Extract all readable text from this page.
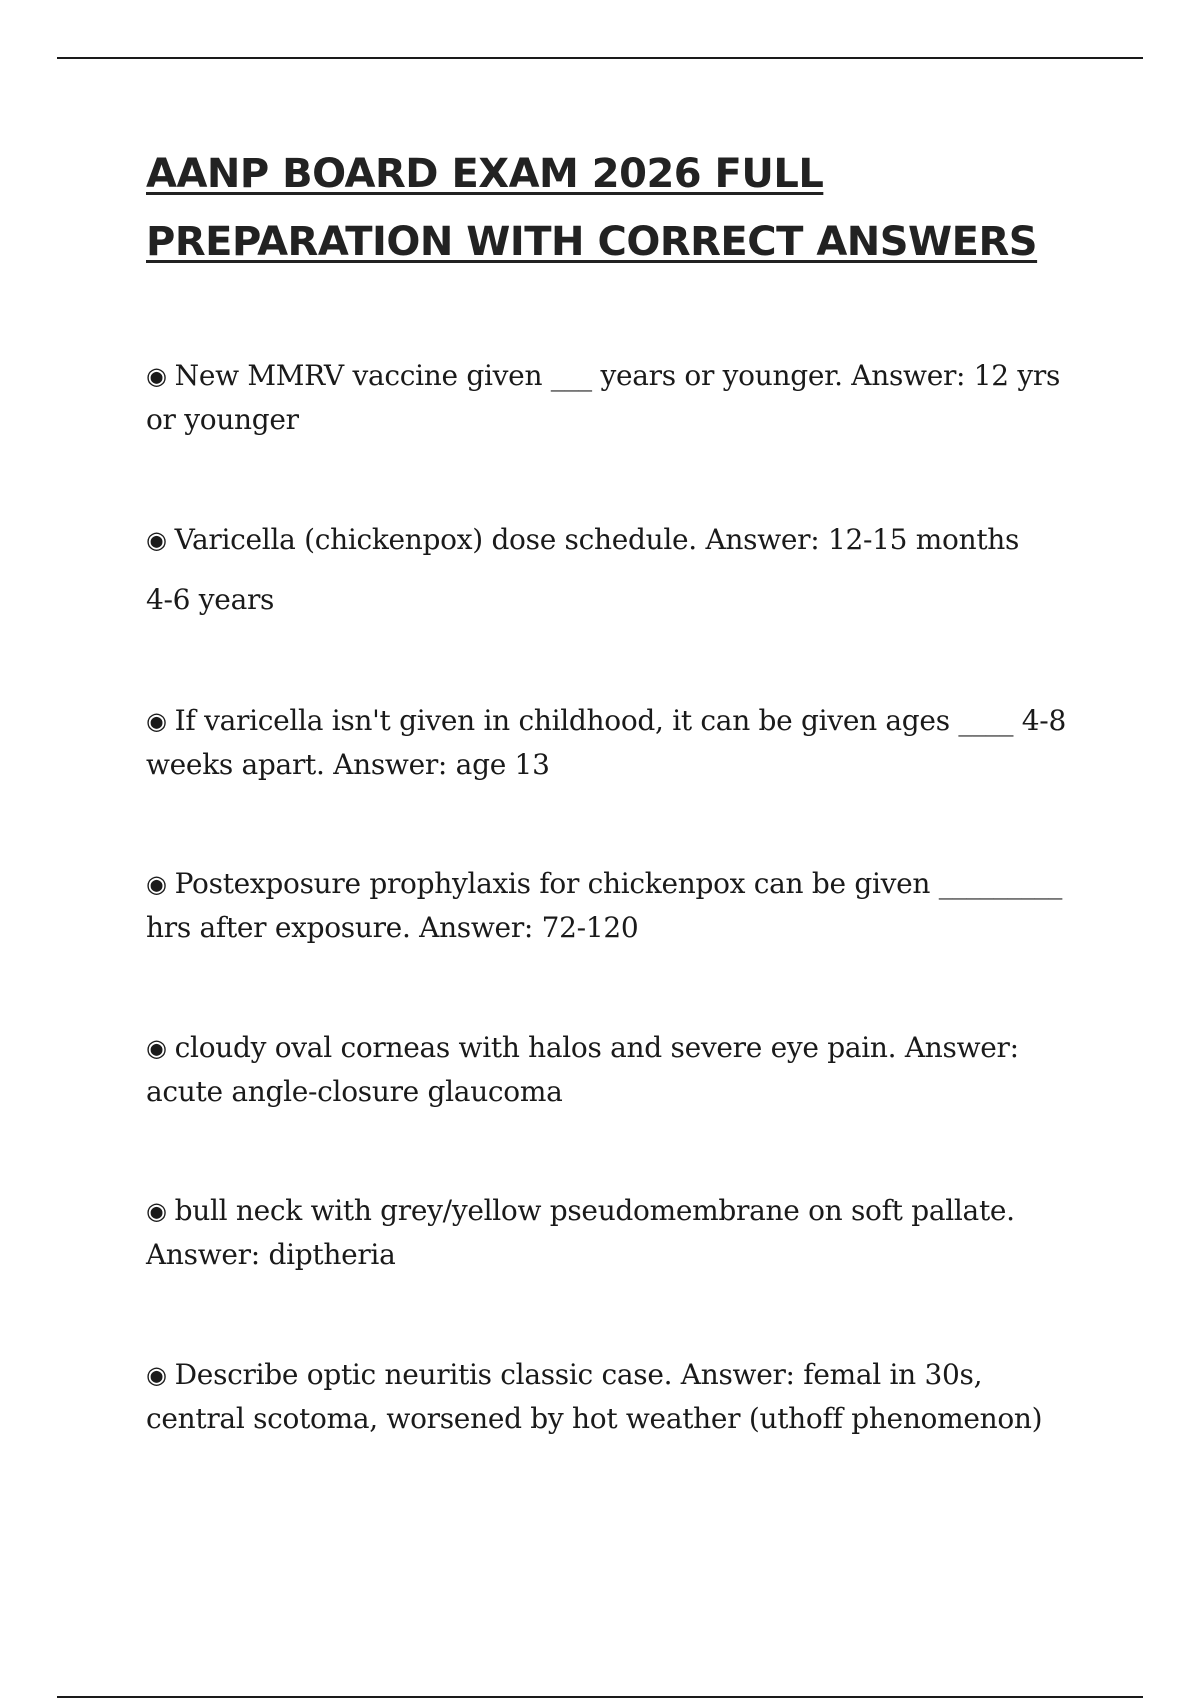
AANP BOARD EXAM 2026 FULL PREPARATION WITH CORRECT ANSWERS

◉ New MMRV vaccine given ___ years or younger. Answer: 12 yrs or younger

◉ Varicella (chickenpox) dose schedule. Answer: 12-15 months
4-6 years

◉ If varicella isn't given in childhood, it can be given ages ____ 4-8 weeks apart. Answer: age 13

◉ Postexposure prophylaxis for chickenpox can be given _________ hrs after exposure. Answer: 72-120

◉ cloudy oval corneas with halos and severe eye pain. Answer: acute angle-closure glaucoma

◉ bull neck with grey/yellow pseudomembrane on soft pallate. Answer: diptheria

◉ Describe optic neuritis classic case. Answer: femal in 30s, central scotoma, worsened by hot weather (uthoff phenomenon)
